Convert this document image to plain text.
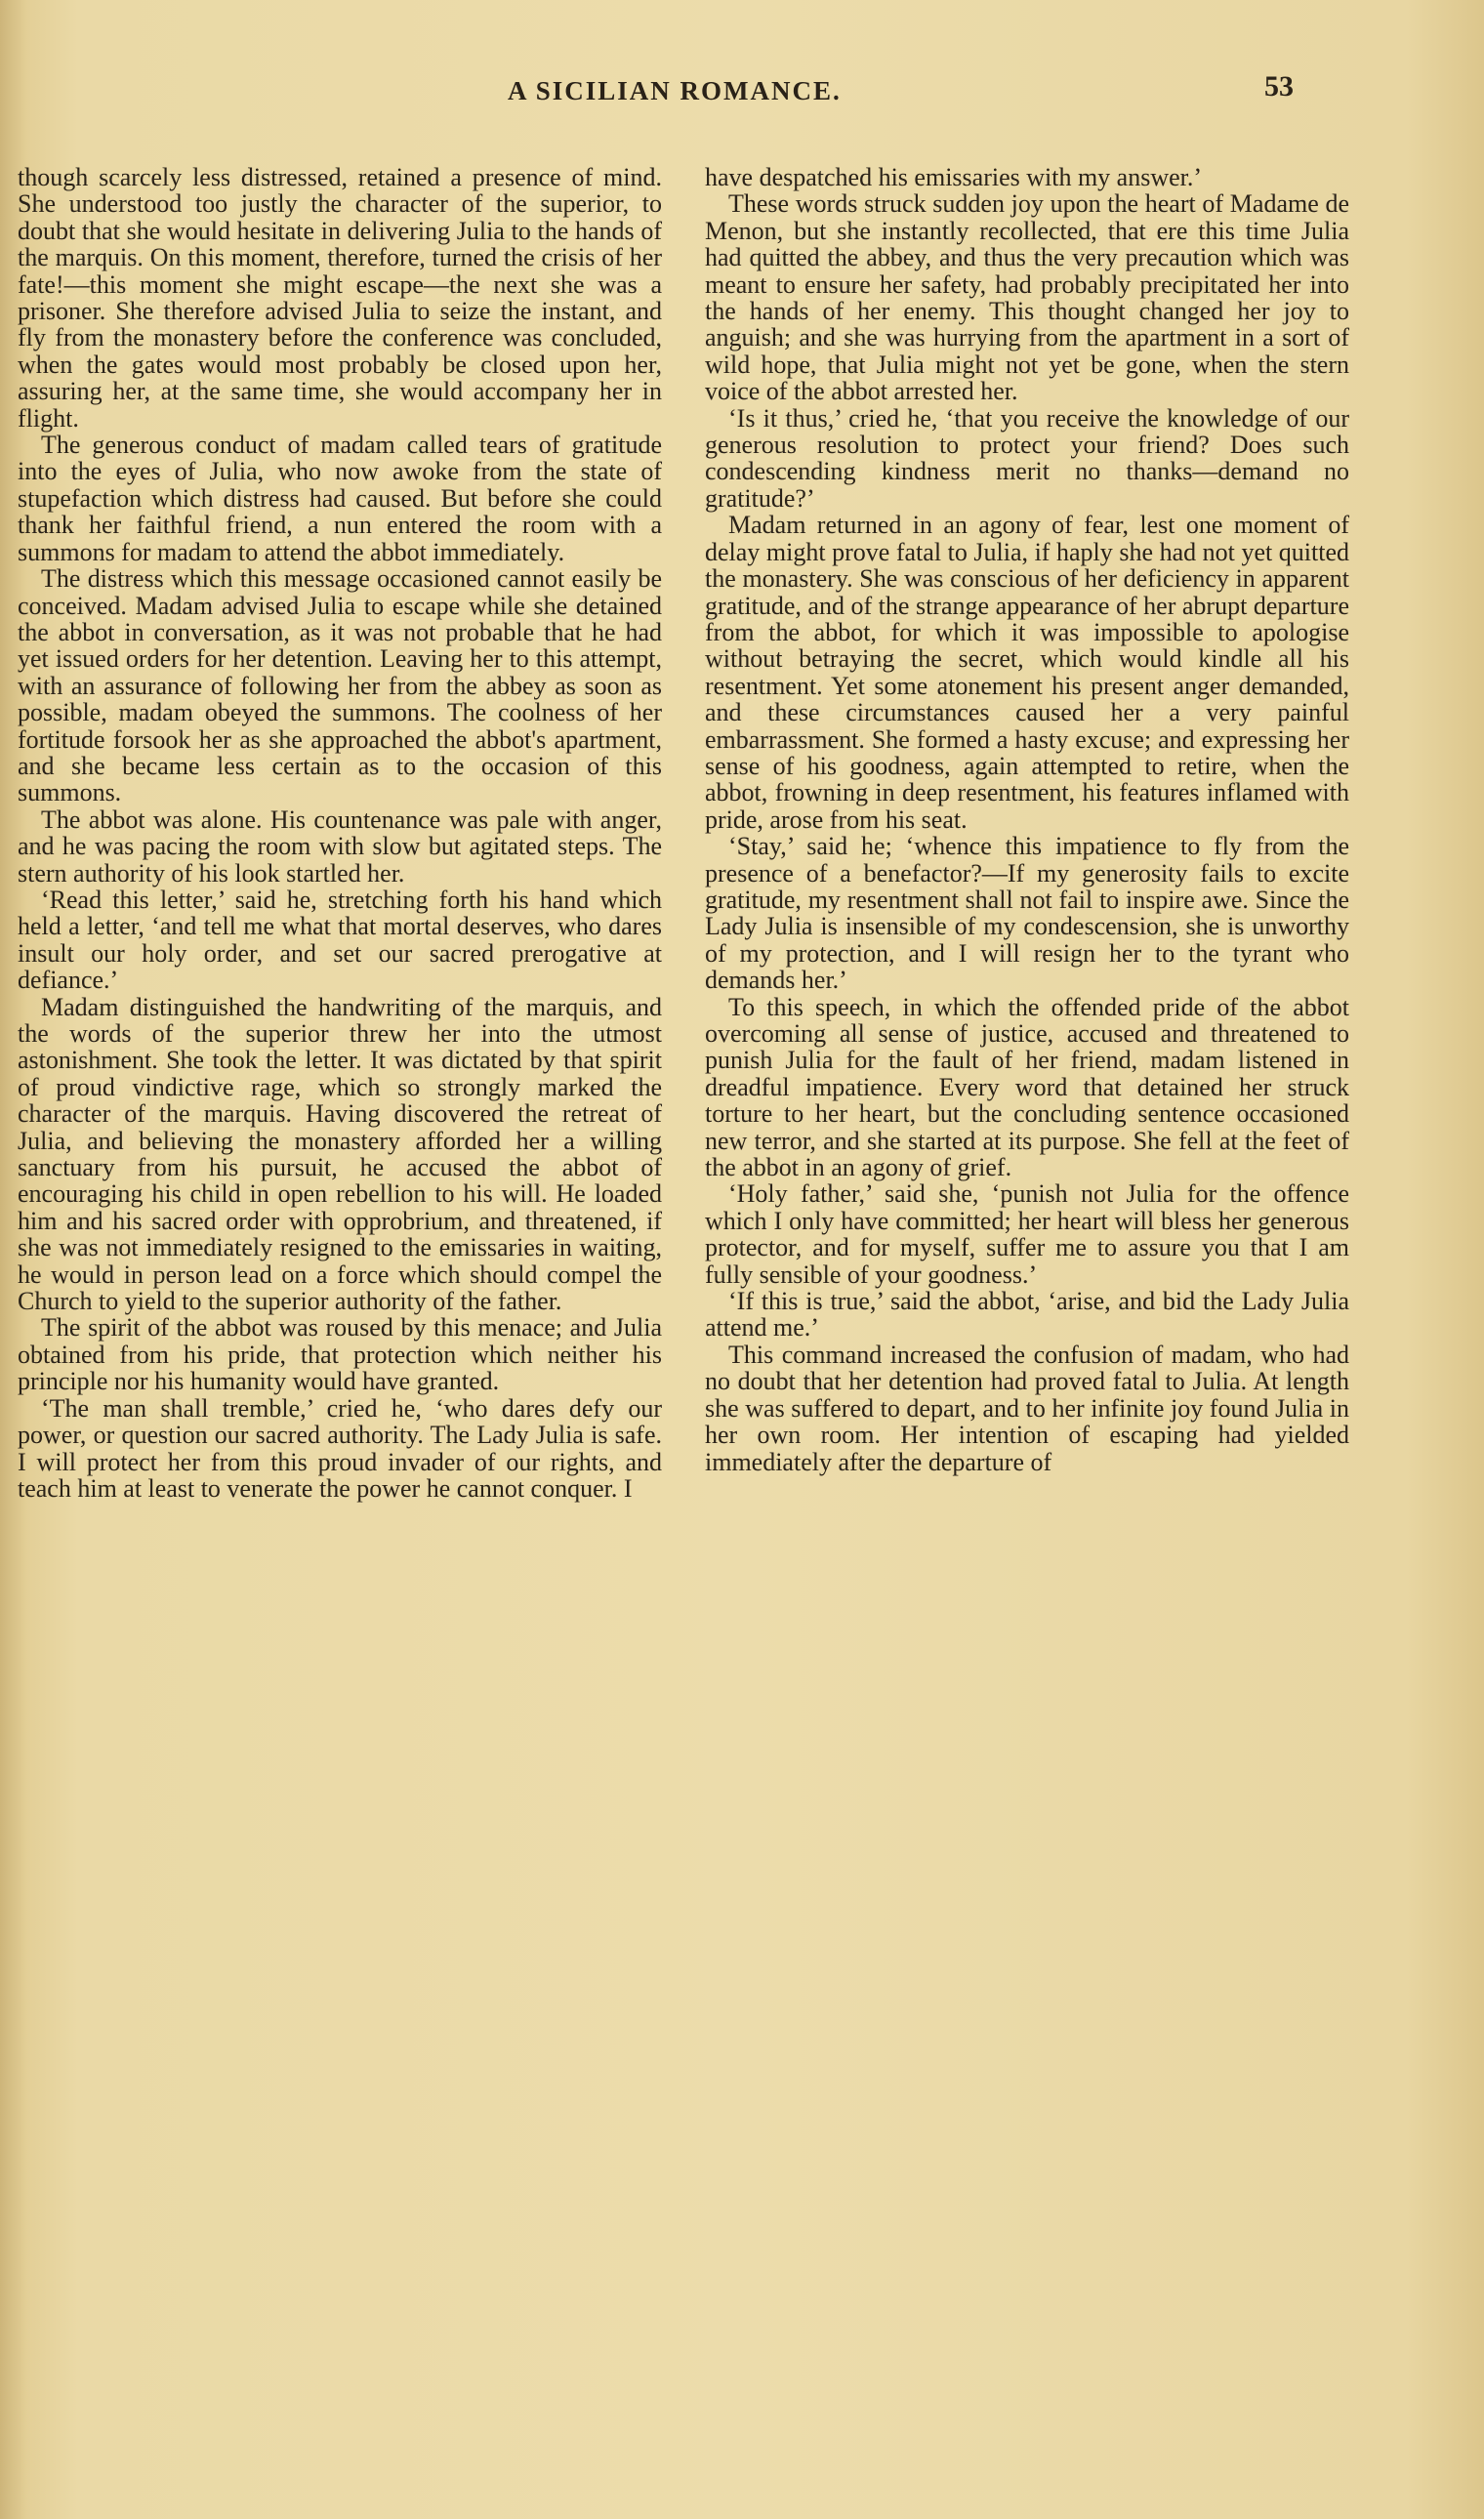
A SICILIAN ROMANCE.	53

though scarcely less distressed, retained a presence of mind. She understood too justly the character of the superior, to doubt that she would hesitate in delivering Julia to the hands of the marquis. On this moment, therefore, turned the crisis of her fate!—this moment she might escape—the next she was a prisoner. She therefore advised Julia to seize the instant, and fly from the monastery before the conference was concluded, when the gates would most probably be closed upon her, assuring her, at the same time, she would accompany her in flight.

The generous conduct of madam called tears of gratitude into the eyes of Julia, who now awoke from the state of stupefaction which distress had caused. But before she could thank her faithful friend, a nun entered the room with a summons for madam to attend the abbot immediately.

The distress which this message occasioned cannot easily be conceived. Madam advised Julia to escape while she detained the abbot in conversation, as it was not probable that he had yet issued orders for her detention. Leaving her to this attempt, with an assurance of following her from the abbey as soon as possible, madam obeyed the summons. The coolness of her fortitude forsook her as she approached the abbot's apartment, and she became less certain as to the occasion of this summons.

The abbot was alone. His countenance was pale with anger, and he was pacing the room with slow but agitated steps. The stern authority of his look startled her.

‘Read this letter,’ said he, stretching forth his hand which held a letter, ‘and tell me what that mortal deserves, who dares insult our holy order, and set our sacred prerogative at defiance.’

Madam distinguished the handwriting of the marquis, and the words of the superior threw her into the utmost astonishment. She took the letter. It was dictated by that spirit of proud vindictive rage, which so strongly marked the character of the marquis. Having discovered the retreat of Julia, and believing the monastery afforded her a willing sanctuary from his pursuit, he accused the abbot of encouraging his child in open rebellion to his will. He loaded him and his sacred order with opprobrium, and threatened, if she was not immediately resigned to the emissaries in waiting, he would in person lead on a force which should compel the Church to yield to the superior authority of the father.

The spirit of the abbot was roused by this menace; and Julia obtained from his pride, that protection which neither his principle nor his humanity would have granted.

‘The man shall tremble,’ cried he, ‘who dares defy our power, or question our sacred authority. The Lady Julia is safe. I will protect her from this proud invader of our rights, and teach him at least to venerate the power he cannot conquer. I

have despatched his emissaries with my answer.’

These words struck sudden joy upon the heart of Madame de Menon, but she instantly recollected, that ere this time Julia had quitted the abbey, and thus the very precaution which was meant to ensure her safety, had probably precipitated her into the hands of her enemy. This thought changed her joy to anguish; and she was hurrying from the apartment in a sort of wild hope, that Julia might not yet be gone, when the stern voice of the abbot arrested her.

‘Is it thus,’ cried he, ‘that you receive the knowledge of our generous resolution to protect your friend? Does such condescending kindness merit no thanks—demand no gratitude?’

Madam returned in an agony of fear, lest one moment of delay might prove fatal to Julia, if haply she had not yet quitted the monastery. She was conscious of her deficiency in apparent gratitude, and of the strange appearance of her abrupt departure from the abbot, for which it was impossible to apologise without betraying the secret, which would kindle all his resentment. Yet some atonement his present anger demanded, and these circumstances caused her a very painful embarrassment. She formed a hasty excuse; and expressing her sense of his goodness, again attempted to retire, when the abbot, frowning in deep resentment, his features inflamed with pride, arose from his seat.

‘Stay,’ said he; ‘whence this impatience to fly from the presence of a benefactor?—If my generosity fails to excite gratitude, my resentment shall not fail to inspire awe. Since the Lady Julia is insensible of my condescension, she is unworthy of my protection, and I will resign her to the tyrant who demands her.’

To this speech, in which the offended pride of the abbot overcoming all sense of justice, accused and threatened to punish Julia for the fault of her friend, madam listened in dreadful impatience. Every word that detained her struck torture to her heart, but the concluding sentence occasioned new terror, and she started at its purpose. She fell at the feet of the abbot in an agony of grief.

‘Holy father,’ said she, ‘punish not Julia for the offence which I only have committed; her heart will bless her generous protector, and for myself, suffer me to assure you that I am fully sensible of your goodness.’

‘If this is true,’ said the abbot, ‘arise, and bid the Lady Julia attend me.’

This command increased the confusion of madam, who had no doubt that her detention had proved fatal to Julia. At length she was suffered to depart, and to her infinite joy found Julia in her own room. Her intention of escaping had yielded immediately after the departure of
